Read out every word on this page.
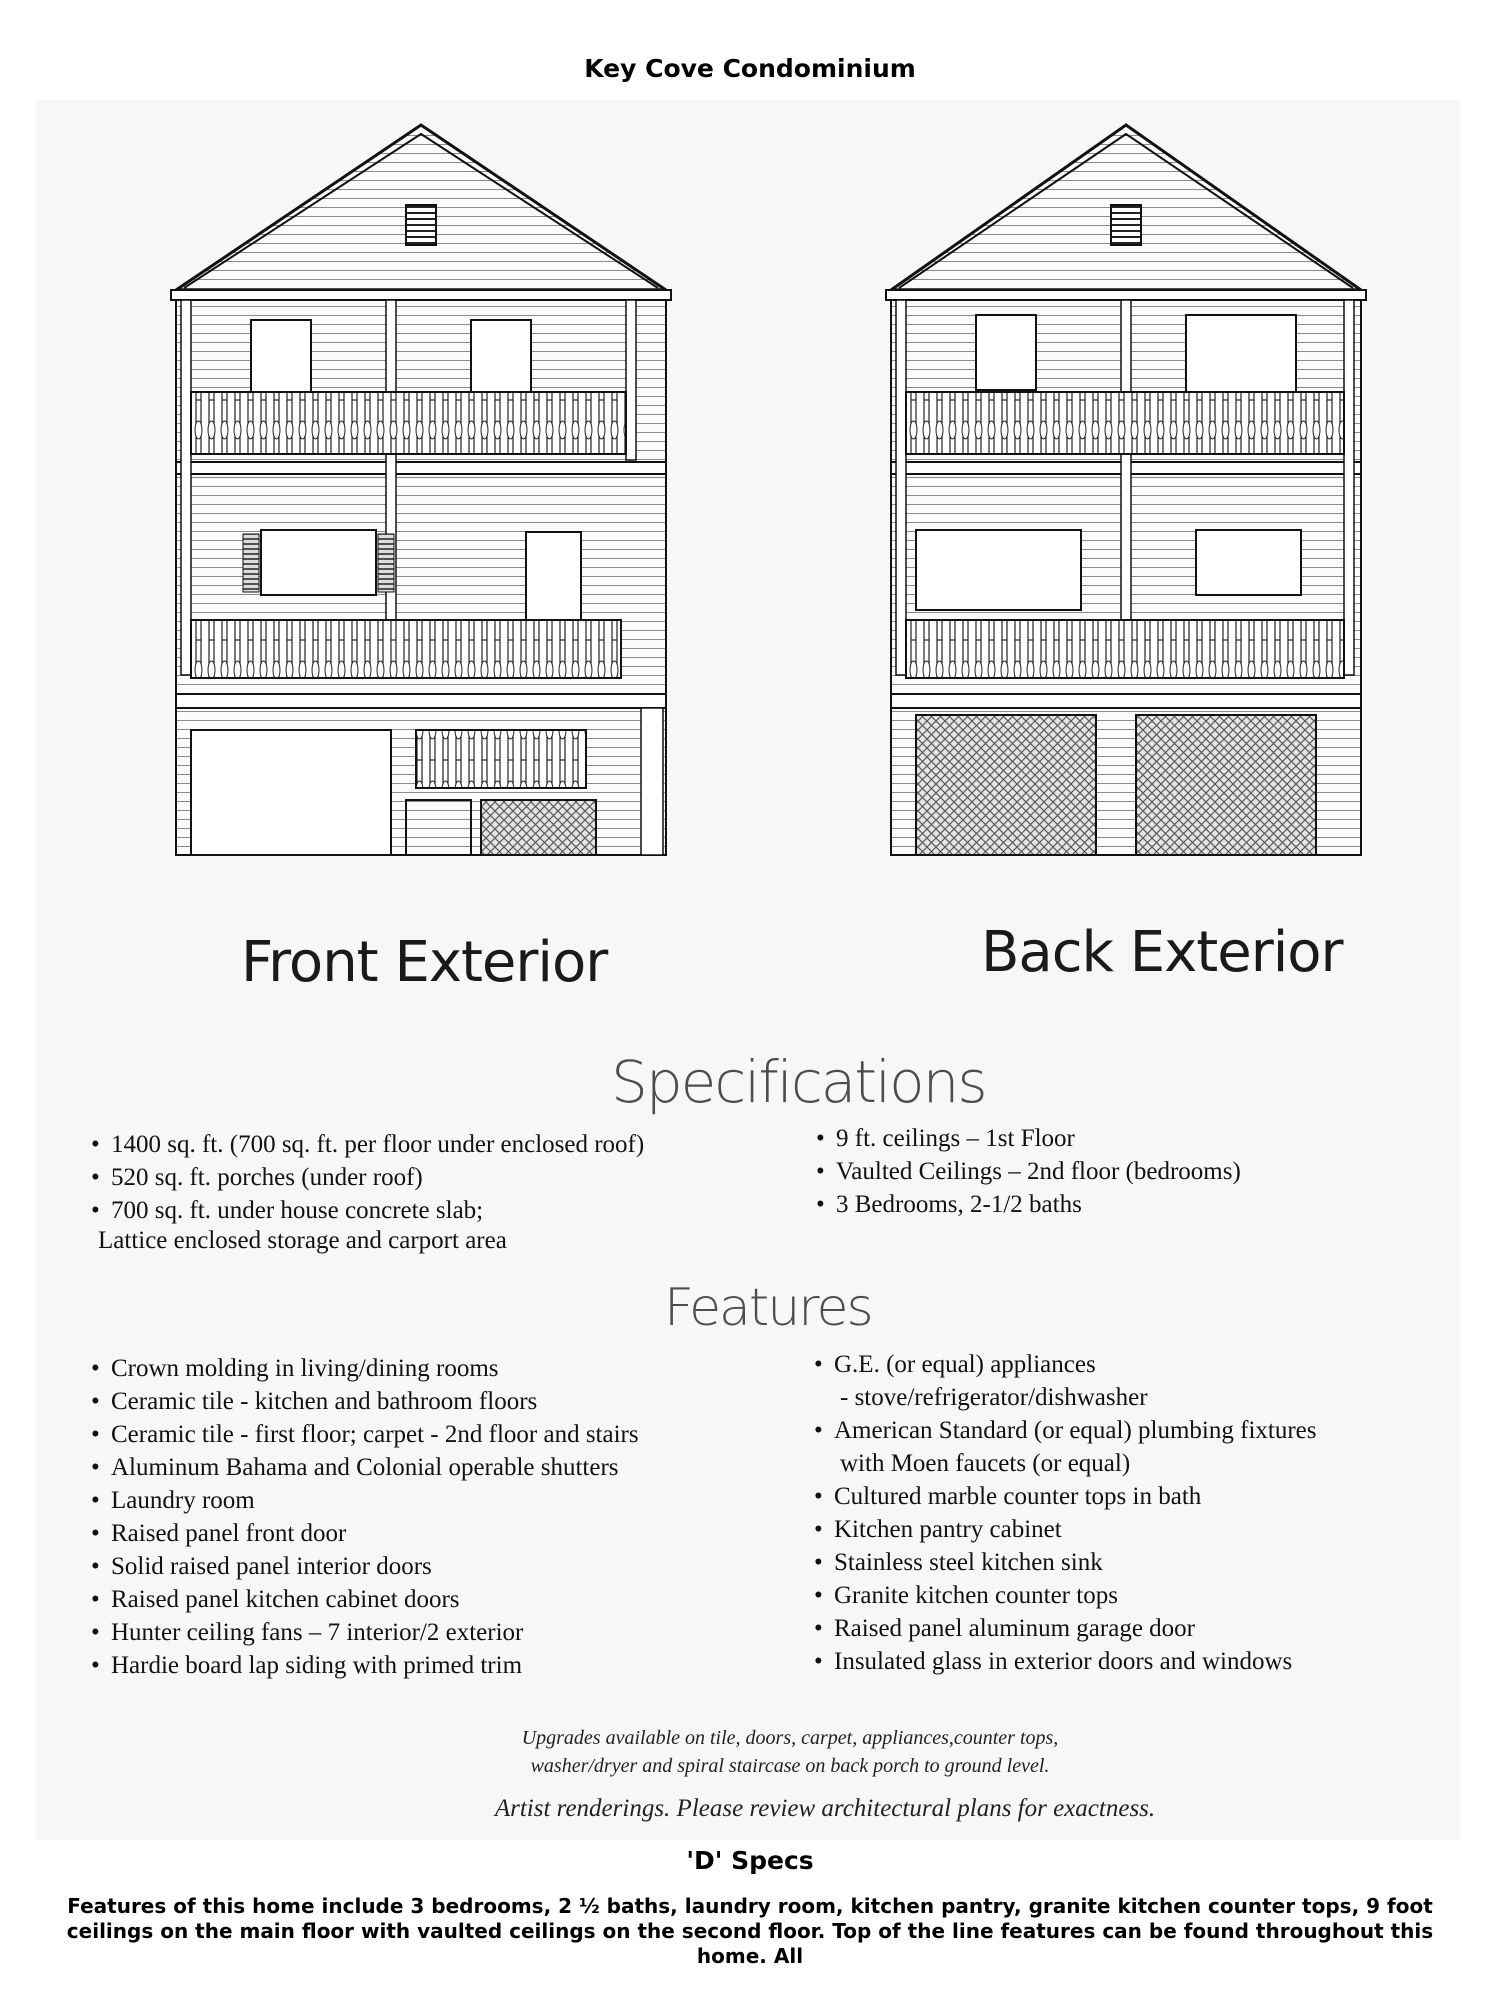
Key Cove Condominium
Front Exterior	Back Exterior
Specifications
• 1400 sq. ft. (700 sq. ft. per floor under enclosed roof)
• 520 sq. ft. porches (under roof)
• 700 sq. ft. under house concrete slab;
Lattice enclosed storage and carport area
• 9 ft. ceilings – 1st Floor
• Vaulted Ceilings – 2nd floor (bedrooms)
• 3 Bedrooms, 2-1/2 baths
Features
• Crown molding in living/dining rooms
• Ceramic tile - kitchen and bathroom floors
• Ceramic tile - first floor; carpet - 2nd floor and stairs
• Aluminum Bahama and Colonial operable shutters
• Laundry room
• Raised panel front door
• Solid raised panel interior doors
• Raised panel kitchen cabinet doors
• Hunter ceiling fans – 7 interior/2 exterior
• Hardie board lap siding with primed trim
• G.E. (or equal) appliances
- stove/refrigerator/dishwasher
• American Standard (or equal) plumbing fixtures
with Moen faucets (or equal)
• Cultured marble counter tops in bath
• Kitchen pantry cabinet
• Stainless steel kitchen sink
• Granite kitchen counter tops
• Raised panel aluminum garage door
• Insulated glass in exterior doors and windows
Upgrades available on tile, doors, carpet, appliances,counter tops,
washer/dryer and spiral staircase on back porch to ground level.
Artist renderings. Please review architectural plans for exactness.
'D' Specs
Features of this home include 3 bedrooms, 2 ½ baths, laundry room, kitchen pantry, granite kitchen counter tops, 9 foot ceilings on the main floor with vaulted ceilings on the second floor. Top of the line features can be found throughout this home. All
